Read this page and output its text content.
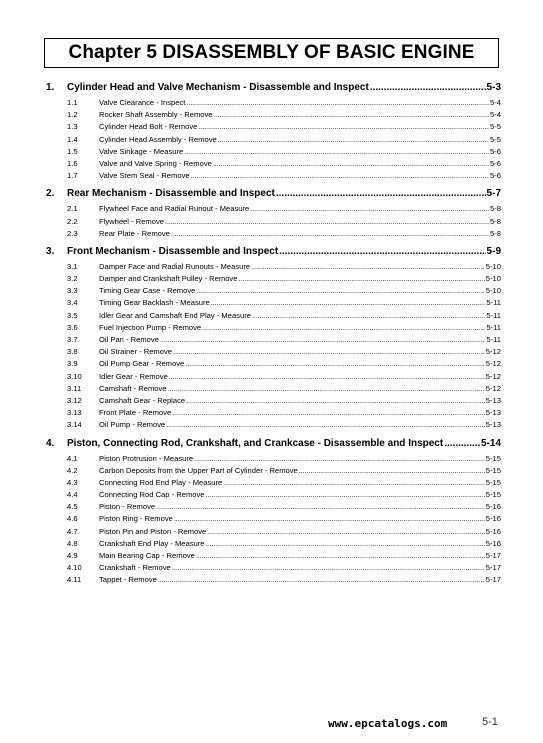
Chapter 5 DISASSEMBLY OF BASIC ENGINE
1.	Cylinder Head and Valve Mechanism - Disassemble and Inspect .....	5-3
1.1	Valve Clearance - Inspect .....	5-4
1.2	Rocker Shaft Assembly - Remove .....	5-4
1.3	Cylinder Head Bolt - Remove .....	5-5
1.4	Cylinder Head Assembly - Remove .....	5-5
1.5	Valve Sinkage - Measure .....	5-6
1.6	Valve and Valve Spring - Remove .....	5-6
1.7	Valve Stem Seal - Remove .....	5-6
2.	Rear Mechanism - Disassemble and Inspect .....	5-7
2.1	Flywheel Face and Radial Runout - Measure .....	5-8
2.2	Flywheel - Remove .....	5-8
2.3	Rear Plate - Remove .....	5-8
3.	Front Mechanism - Disassemble and Inspect .....	5-9
3.1	Damper Face and Radial Runouts - Measure .....	5-10
3.2	Damper and Crankshaft Pulley - Remove .....	5-10
3.3	Timing Gear Case - Remove .....	5-10
3.4	Timing Gear Backlash - Measure .....	5-11
3.5	Idler Gear and Camshaft End Play - Measure .....	5-11
3.6	Fuel Injection Pump - Remove .....	5-11
3.7	Oil Pan - Remove .....	5-11
3.8	Oil Strainer - Remove .....	5-12
3.9	Oil Pump Gear - Remove .....	5-12
3.10	Idler Gear - Remove .....	5-12
3.11	Camshaft - Remove .....	5-12
3.12	Camshaft Gear - Replace .....	5-13
3.13	Front Plate - Remove .....	5-13
3.14	Oil Pump - Remove .....	5-13
4.	Piston, Connecting Rod, Crankshaft, and Crankcase - Disassemble and Inspect .....	5-14
4.1	Piston Protrusion - Measure .....	5-15
4.2	Carbon Deposits from the Upper Part of Cylinder - Remove .....	5-15
4.3	Connecting Rod End Play - Measure .....	5-15
4.4	Connecting Rod Cap - Remove .....	5-15
4.5	Piston - Remove .....	5-16
4.6	Piston Ring - Remove .....	5-16
4.7	Piston Pin and Piston - Remove .....	5-16
4.8	Crankshaft End Play - Measure .....	5-16
4.9	Main Bearing Cap - Remove .....	5-17
4.10	Crankshaft - Remove .....	5-17
4.11	Tappet - Remove .....	5-17
www.epcatalogs.com	5-1
